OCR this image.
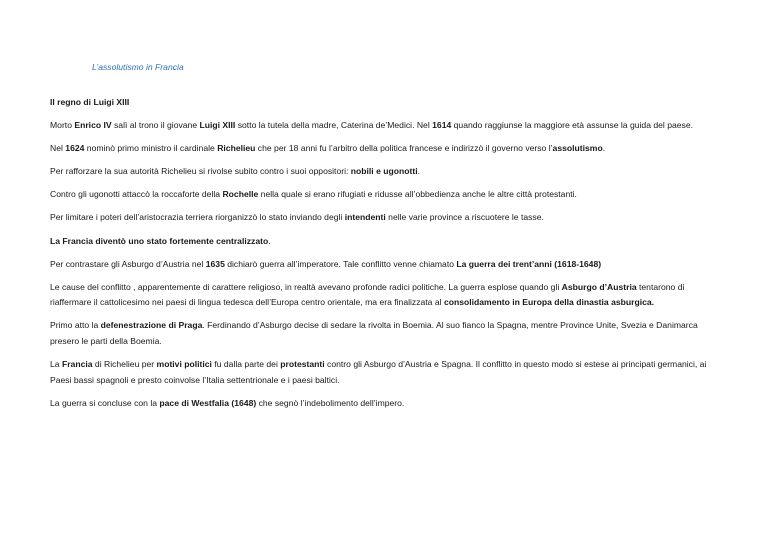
L’assolutismo in Francia

Il regno di Luigi XIII

Morto Enrico IV salì al trono il giovane Luigi XIII sotto la tutela della madre, Caterina de’Medici. Nel 1614 quando raggiunse la maggiore età assunse la guida del paese.

Nel 1624 nominò primo ministro il cardinale Richelieu che per 18 anni fu l’arbitro della politica francese e indirizzò il governo verso l’assolutismo.

Per rafforzare la sua autorità Richelieu si rivolse subito contro i suoi oppositori: nobili e ugonotti.

Contro gli ugonotti attaccò la roccaforte della Rochelle nella quale si erano rifugiati e ridusse all’obbedienza anche le altre città protestanti.

Per limitare i poteri dell’aristocrazia terriera riorganizzò lo stato inviando degli intendenti nelle varie province a riscuotere le tasse.

La Francia diventò uno stato fortemente centralizzato.

Per contrastare gli Asburgo d’Austria nel 1635 dichiarò guerra all’imperatore. Tale conflitto venne chiamato La guerra dei trent’anni (1618-1648)

Le cause del conflitto , apparentemente di carattere religioso, in realtà avevano profonde radici politiche. La guerra esplose quando gli Asburgo d’Austria tentarono di riaffermare il cattolicesimo nei paesi di lingua tedesca dell’Europa centro orientale, ma era finalizzata al consolidamento in Europa della dinastia asburgica.

Primo atto la defenestrazione di Praga. Ferdinando d’Asburgo decise di sedare la rivolta in Boemia. Al suo fianco la Spagna, mentre Province Unite, Svezia e Danimarca presero le parti della Boemia.

La Francia di Richelieu per motivi politici fu dalla parte dei protestanti contro gli Asburgo d’Austria e Spagna. Il conflitto in questo modo si estese ai principati germanici, ai Paesi bassi spagnoli e presto coinvolse l’Italia settentrionale e i paesi baltici.

La guerra si concluse con la pace di Westfalia (1648) che segnò l’indebolimento dell’impero.
